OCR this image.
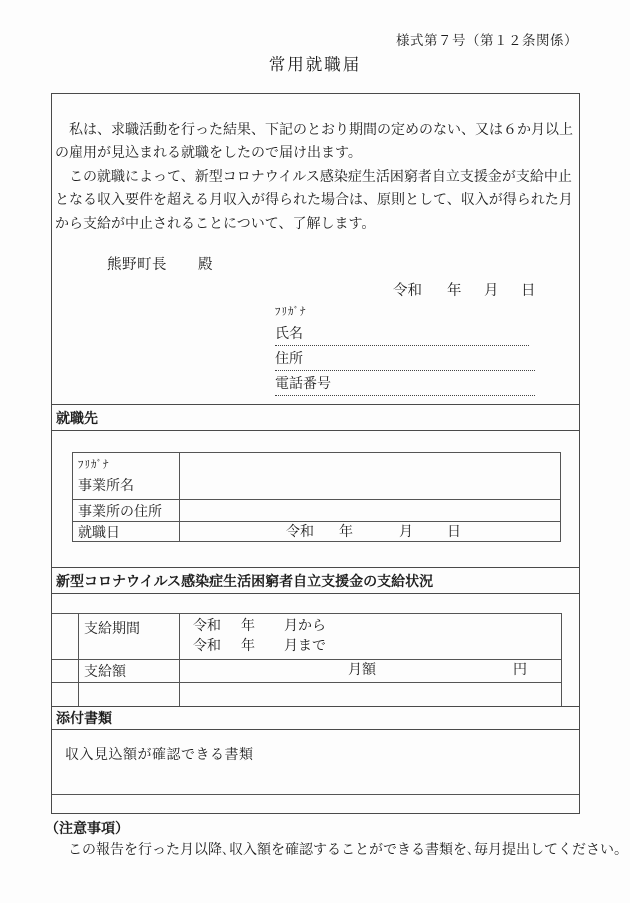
様式第７号（第１２条関係）
常用就職届
　私は、求職活動を行った結果、下記のとおり期間の定めのない、又は６か月以上の雇用が見込まれる就職をしたので届け出ます。
　この就職によって、新型コロナウイルス感染症生活困窮者自立支援金が支給中止となる収入要件を超える月収入が得られた場合は、原則として、収入が得られた月から支給が中止されることについて、了解します。
熊野町長 殿
令和 年 月 日
ﾌﾘｶﾞﾅ
氏名
住所
電話番号
就職先
ﾌﾘｶﾞﾅ
事業所名
事業所の住所
就職日	令和 年	月 日
新型コロナウイルス感染症生活困窮者自立支援金の支給状況
支給期間	令和 年 月から
令和 年 月まで
支給額	月額	円
添付書類
収入見込額が確認できる書類
（注意事項）
　この報告を行った月以降､収入額を確認することができる書類を､毎月提出してください。
